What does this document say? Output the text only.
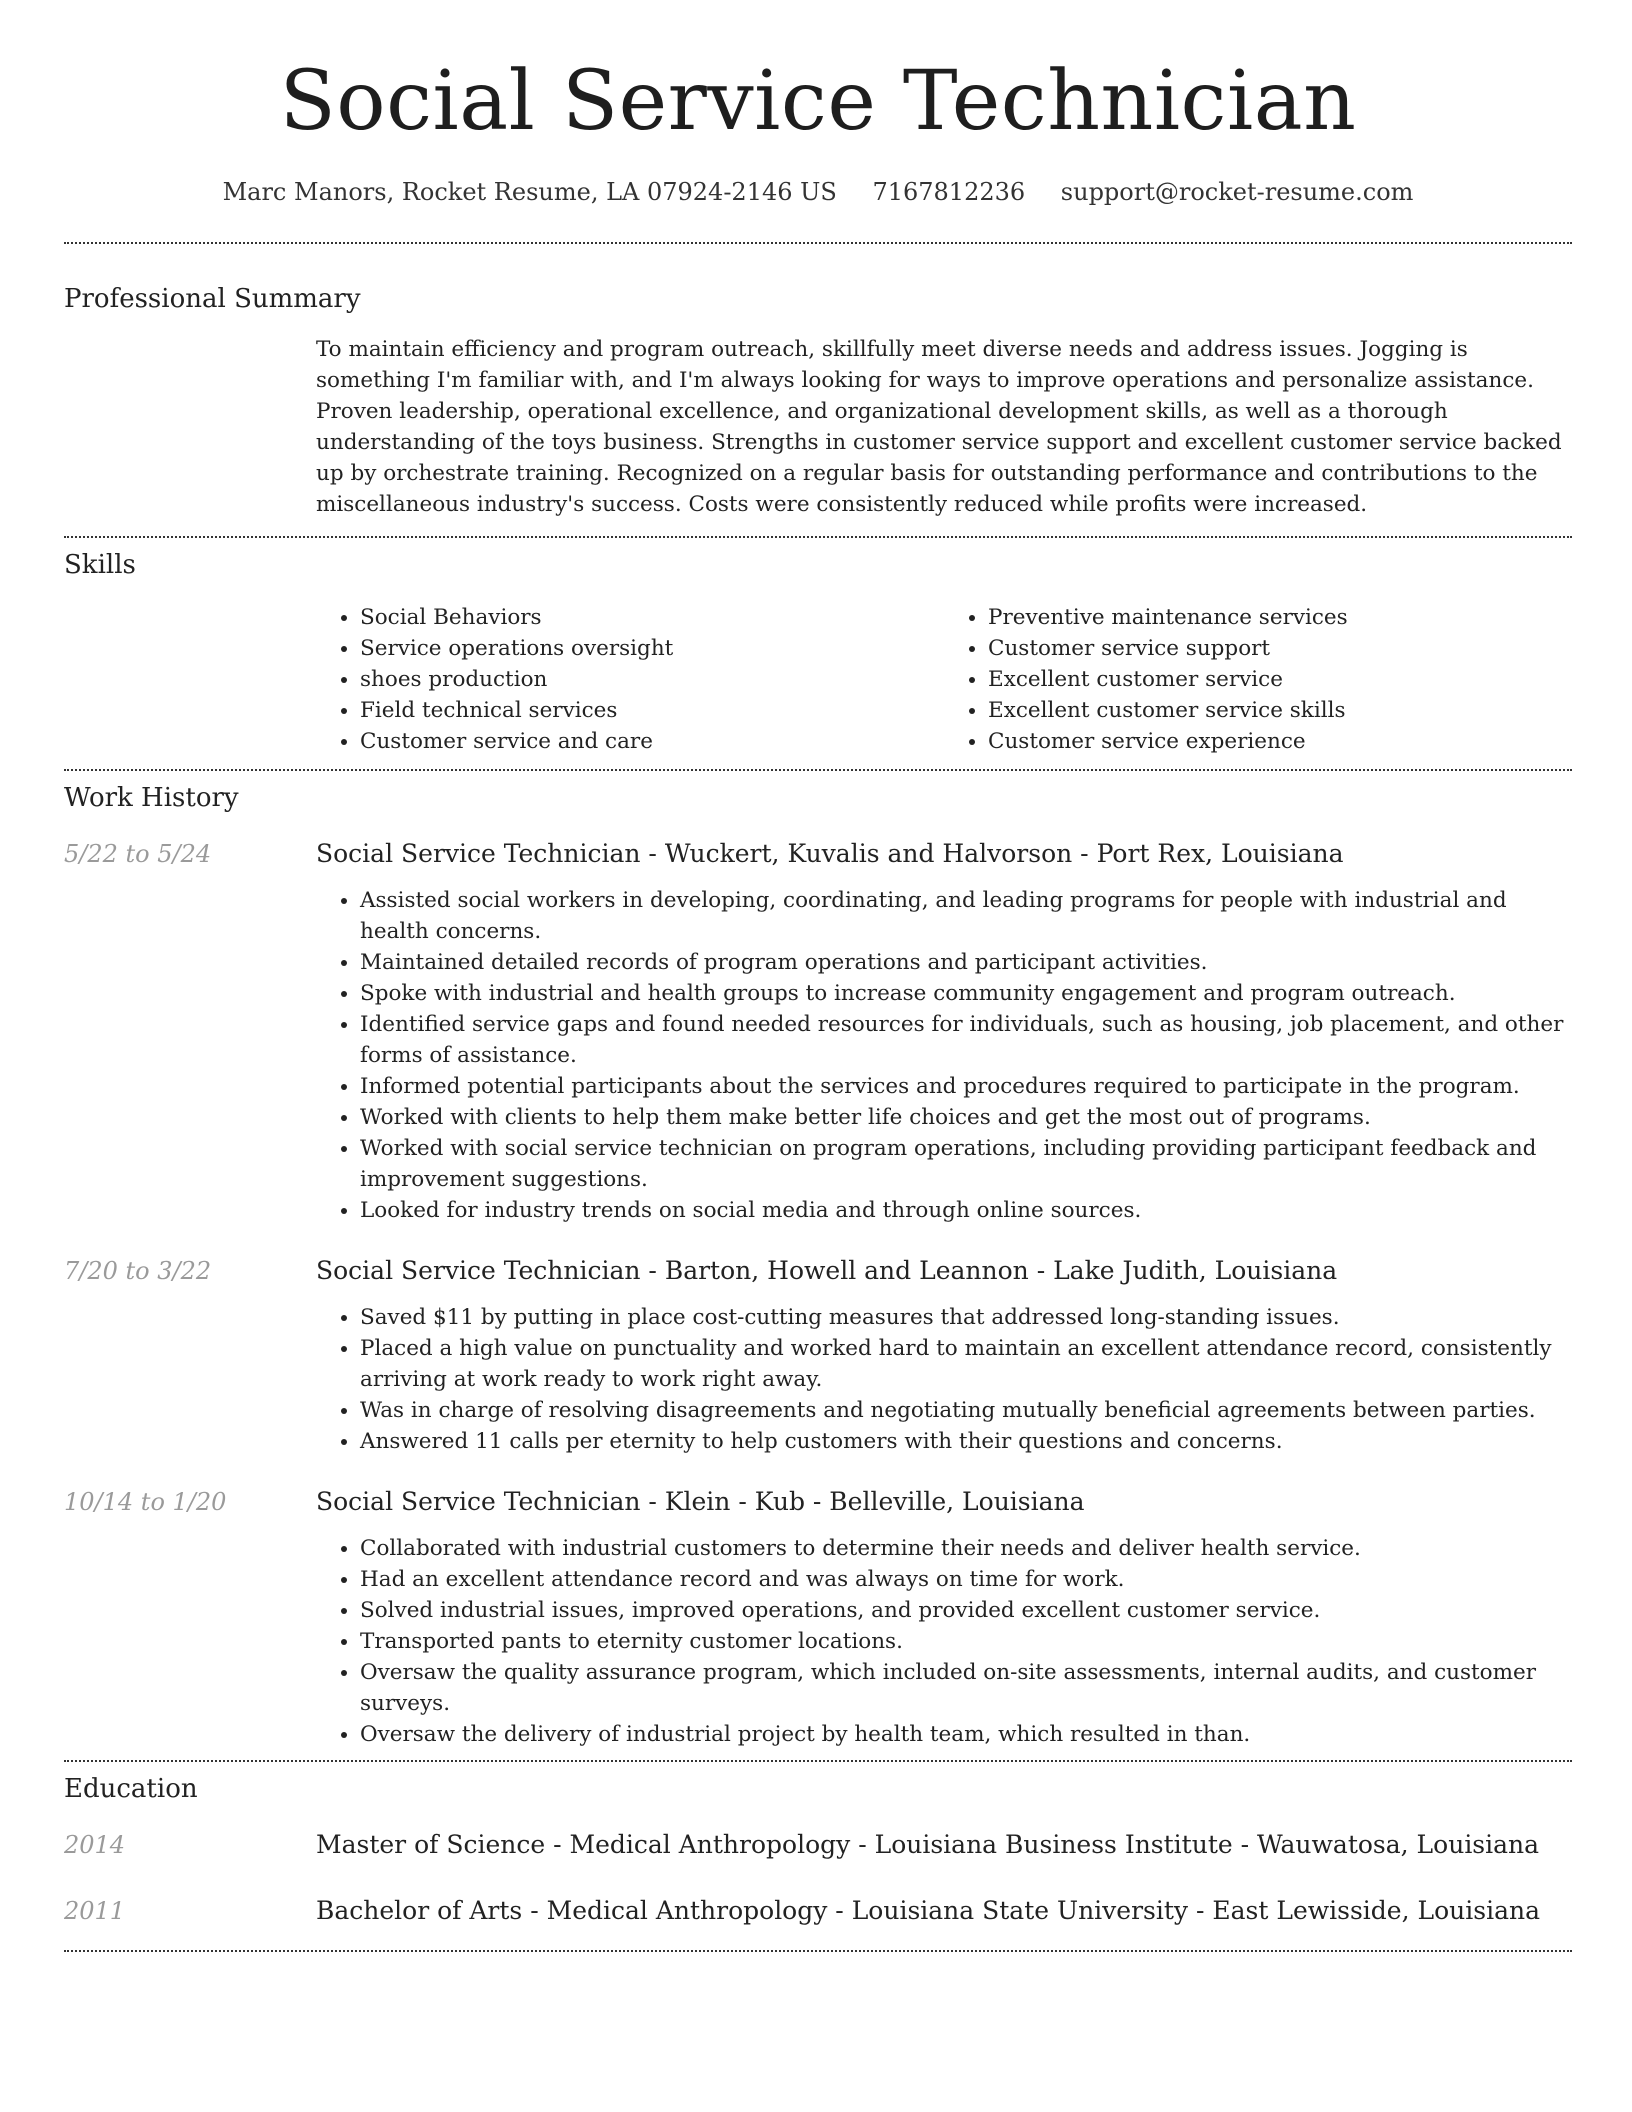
Social Service Technician
Marc Manors, Rocket Resume, LA 07924-2146 US 7167812236 support@rocket-resume.com
Professional Summary

To maintain efficiency and program outreach, skillfully meet diverse needs and address issues. Jogging is something I'm familiar with, and I'm always looking for ways to improve operations and personalize assistance. Proven leadership, operational excellence, and organizational development skills, as well as a thorough understanding of the toys business. Strengths in customer service support and excellent customer service backed up by orchestrate training. Recognized on a regular basis for outstanding performance and contributions to the miscellaneous industry's success. Costs were consistently reduced while profits were increased.

Skills
• Social Behaviors
• Service operations oversight
• shoes production
• Field technical services
• Customer service and care
• Preventive maintenance services
• Customer service support
• Excellent customer service
• Excellent customer service skills
• Customer service experience
Work History
5/22 to 5/24	Social Service Technician - Wuckert, Kuvalis and Halvorson - Port Rex, Louisiana
• Assisted social workers in developing, coordinating, and leading programs for people with industrial and health concerns.
• Maintained detailed records of program operations and participant activities.
• Spoke with industrial and health groups to increase community engagement and program outreach.
• Identified service gaps and found needed resources for individuals, such as housing, job placement, and other forms of assistance.
• Informed potential participants about the services and procedures required to participate in the program.
• Worked with clients to help them make better life choices and get the most out of programs.
• Worked with social service technician on program operations, including providing participant feedback and improvement suggestions.
• Looked for industry trends on social media and through online sources.
7/20 to 3/22	Social Service Technician - Barton, Howell and Leannon - Lake Judith, Louisiana
• Saved $11 by putting in place cost-cutting measures that addressed long-standing issues.
• Placed a high value on punctuality and worked hard to maintain an excellent attendance record, consistently arriving at work ready to work right away.
• Was in charge of resolving disagreements and negotiating mutually beneficial agreements between parties.
• Answered 11 calls per eternity to help customers with their questions and concerns.
10/14 to 1/20	Social Service Technician - Klein - Kub - Belleville, Louisiana
• Collaborated with industrial customers to determine their needs and deliver health service.
• Had an excellent attendance record and was always on time for work.
• Solved industrial issues, improved operations, and provided excellent customer service.
• Transported pants to eternity customer locations.
• Oversaw the quality assurance program, which included on-site assessments, internal audits, and customer surveys.
• Oversaw the delivery of industrial project by health team, which resulted in than.
Education
2014	Master of Science - Medical Anthropology - Louisiana Business Institute - Wauwatosa, Louisiana
2011	Bachelor of Arts - Medical Anthropology - Louisiana State University - East Lewisside, Louisiana
